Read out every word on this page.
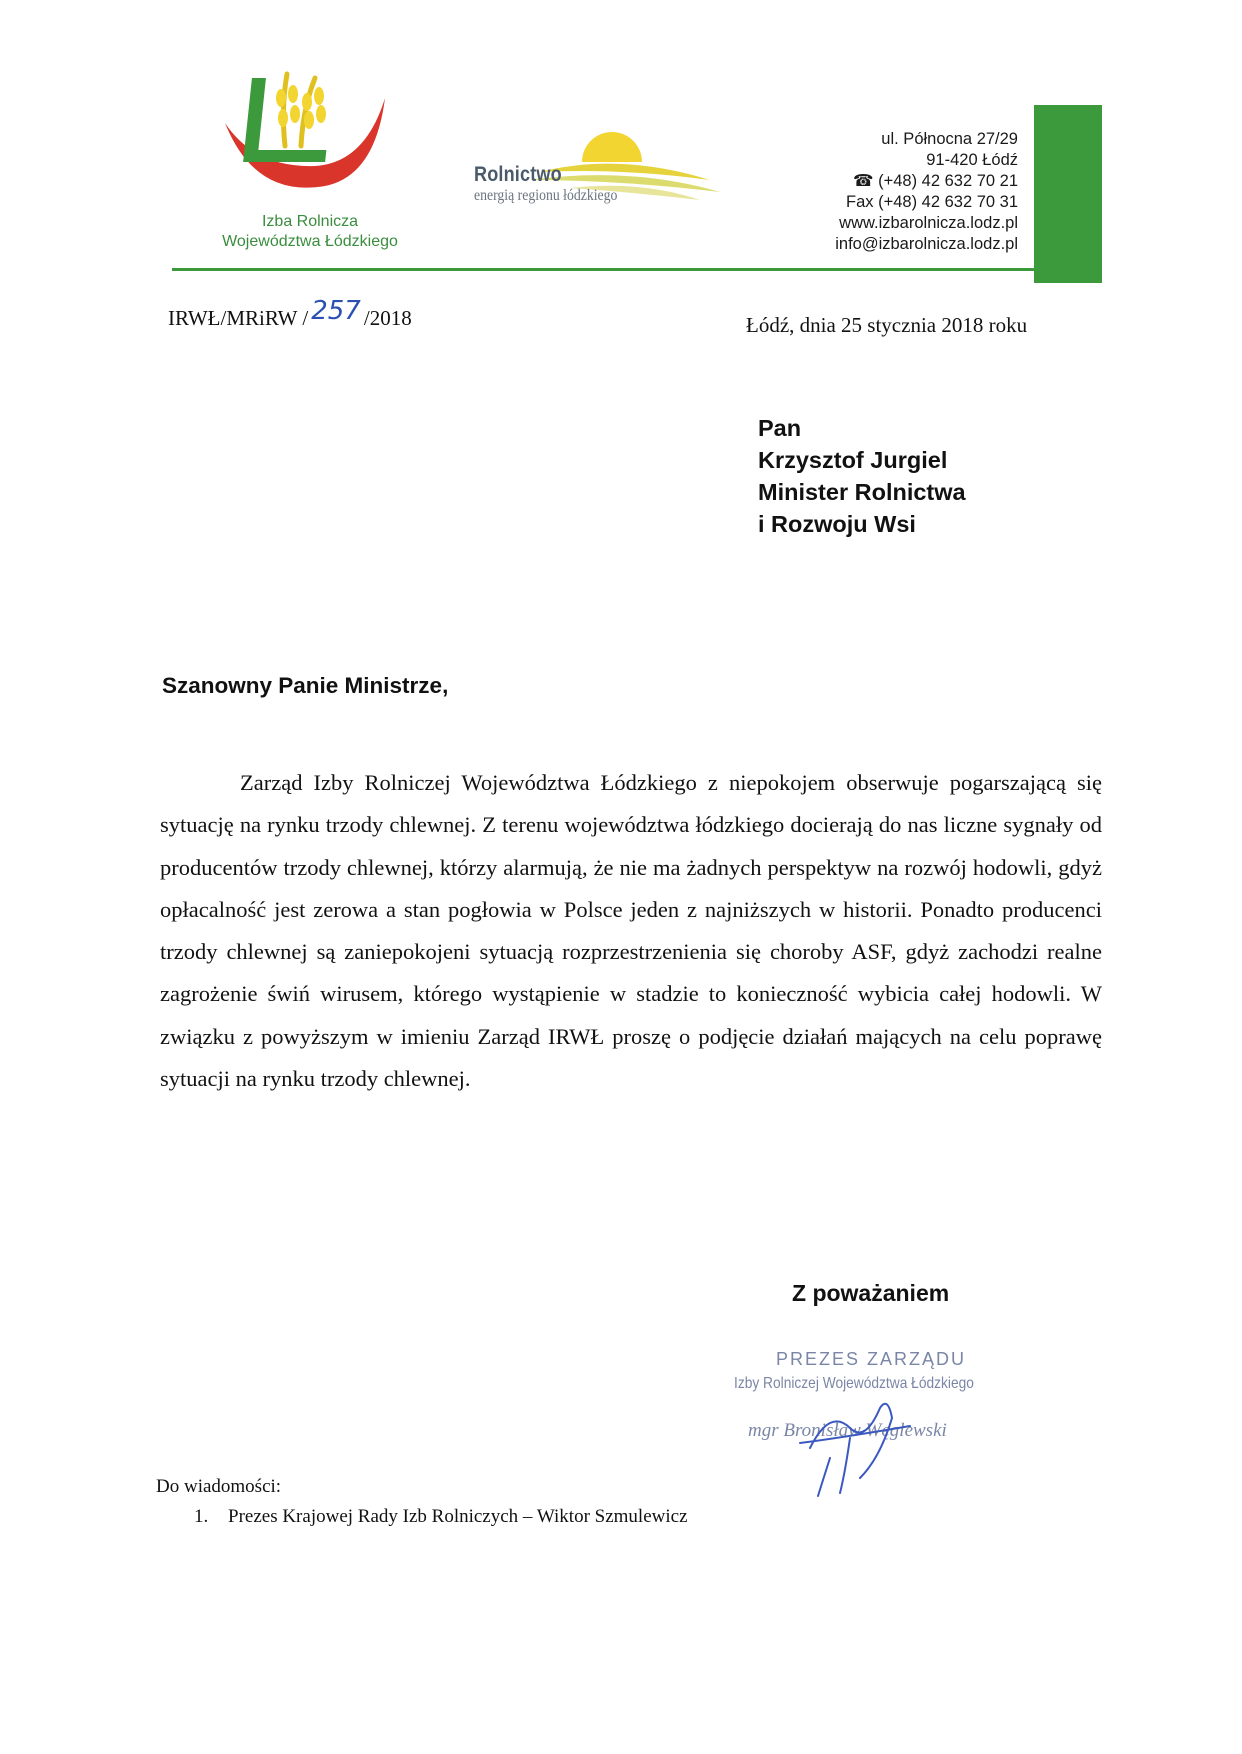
Izba Rolnicza
Województwa Łódzkiego
Rolnictwo
energią regionu łódzkiego
ul. Północna 27/29
91-420 Łódź
☎ (+48) 42 632 70 21
Fax (+48) 42 632 70 31
www.izbarolnicza.lodz.pl
info@izbarolnicza.lodz.pl
IRWŁ/MRiRW / 257 /2018	Łódź, dnia 25 stycznia 2018 roku
Pan
Krzysztof Jurgiel
Minister Rolnictwa
i Rozwoju Wsi
Szanowny Panie Ministrze,
Zarząd Izby Rolniczej Województwa Łódzkiego z niepokojem obserwuje pogarszającą się sytuację na rynku trzody chlewnej. Z terenu województwa łódzkiego docierają do nas liczne sygnały od producentów trzody chlewnej, którzy alarmują, że nie ma żadnych perspektyw na rozwój hodowli, gdyż opłacalność jest zerowa a stan pogłowia w Polsce jeden z najniższych w historii. Ponadto producenci trzody chlewnej są zaniepokojeni sytuacją rozprzestrzenienia się choroby ASF, gdyż zachodzi realne zagrożenie świń wirusem, którego wystąpienie w stadzie to konieczność wybicia całej hodowli. W związku z powyższym w imieniu Zarząd IRWŁ proszę o podjęcie działań mających na celu poprawę sytuacji na rynku trzody chlewnej.
Z poważaniem
PREZES ZARZĄDU
Izby Rolniczej Województwa Łódzkiego
mgr Bronisław Węglewski
Do wiadomości:
1. Prezes Krajowej Rady Izb Rolniczych – Wiktor Szmulewicz
